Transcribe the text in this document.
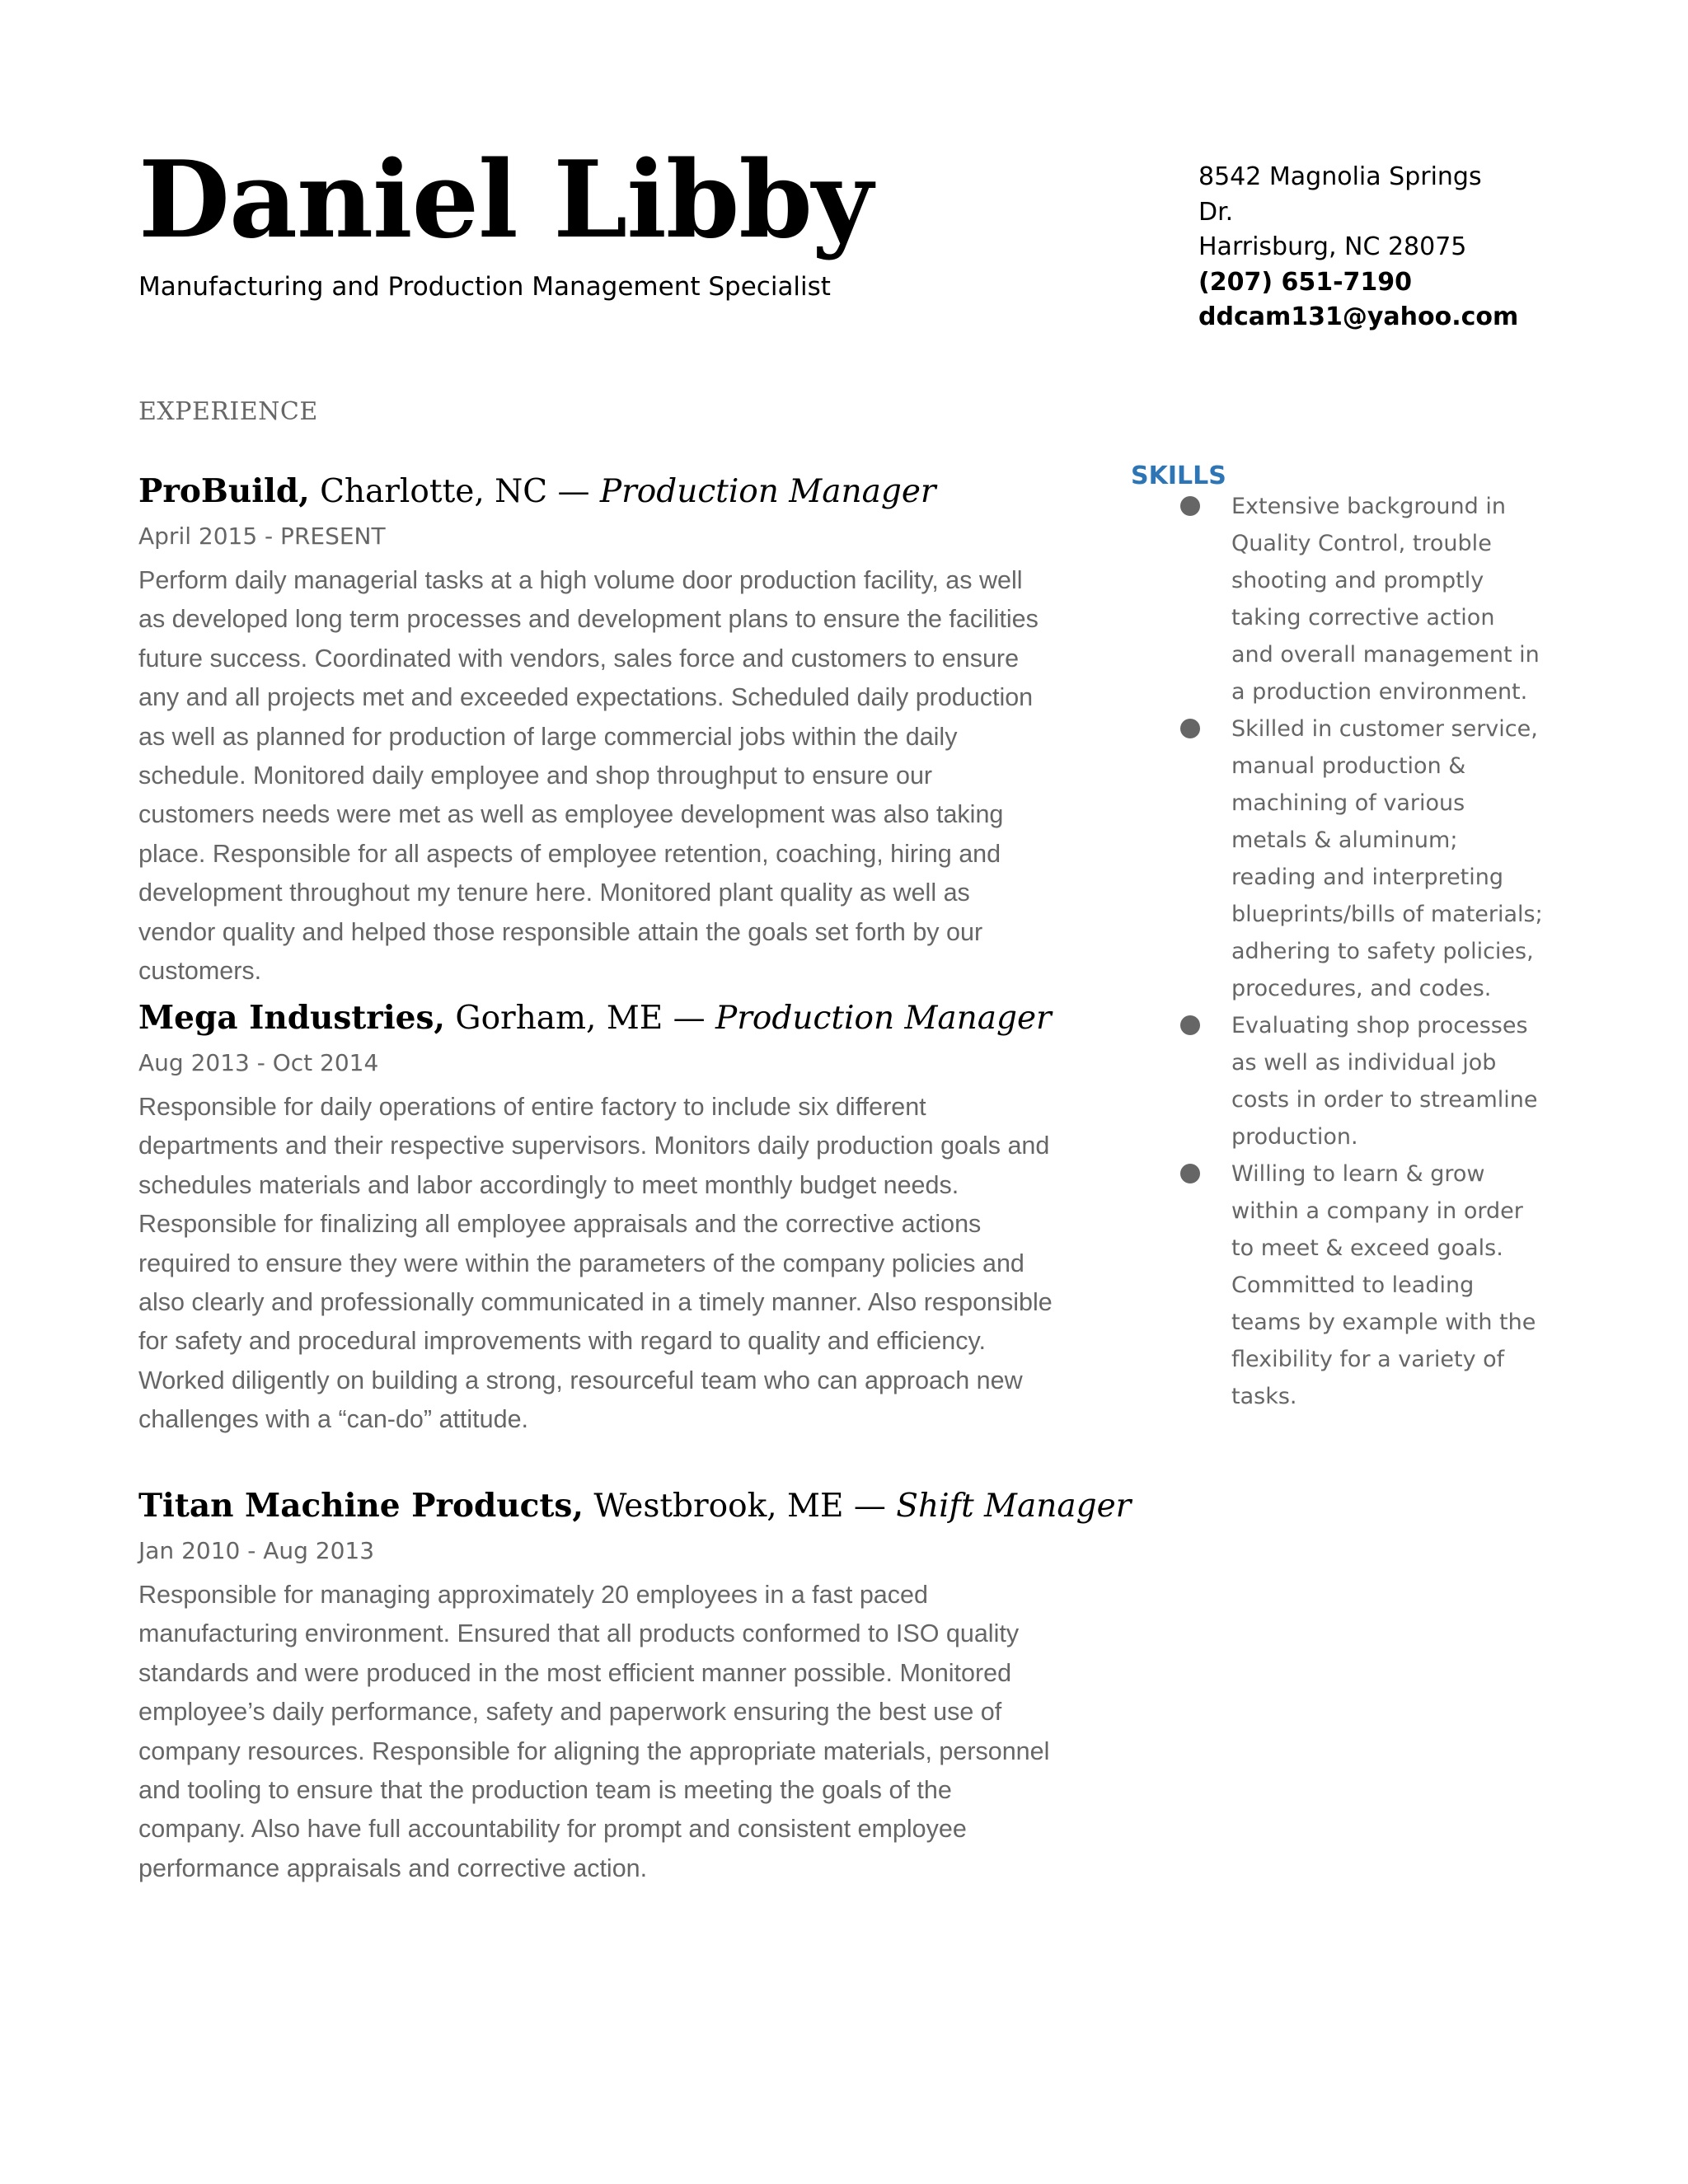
Daniel Libby
Manufacturing and Production Management Specialist
8542 Magnolia Springs
Dr.
Harrisburg, NC 28075
(207) 651-7190
ddcam131@yahoo.com
EXPERIENCE
ProBuild, Charlotte, NC — Production Manager
April 2015 - PRESENT
Perform daily managerial tasks at a high volume door production facility, as well as developed long term processes and development plans to ensure the facilities future success. Coordinated with vendors, sales force and customers to ensure any and all projects met and exceeded expectations. Scheduled daily production as well as planned for production of large commercial jobs within the daily schedule. Monitored daily employee and shop throughput to ensure our customers needs were met as well as employee development was also taking place. Responsible for all aspects of employee retention, coaching, hiring and development throughout my tenure here. Monitored plant quality as well as vendor quality and helped those responsible attain the goals set forth by our customers.
Mega Industries, Gorham, ME — Production Manager
Aug 2013 - Oct 2014
Responsible for daily operations of entire factory to include six different departments and their respective supervisors. Monitors daily production goals and schedules materials and labor accordingly to meet monthly budget needs. Responsible for finalizing all employee appraisals and the corrective actions required to ensure they were within the parameters of the company policies and also clearly and professionally communicated in a timely manner. Also responsible for safety and procedural improvements with regard to quality and efficiency. Worked diligently on building a strong, resourceful team who can approach new challenges with a “can-do” attitude.
Titan Machine Products, Westbrook, ME — Shift Manager
Jan 2010 - Aug 2013
Responsible for managing approximately 20 employees in a fast paced manufacturing environment. Ensured that all products conformed to ISO quality standards and were produced in the most efficient manner possible. Monitored employee’s daily performance, safety and paperwork ensuring the best use of company resources. Responsible for aligning the appropriate materials, personnel and tooling to ensure that the production team is meeting the goals of the company. Also have full accountability for prompt and consistent employee performance appraisals and corrective action.
SKILLS
Extensive background in Quality Control, trouble shooting and promptly taking corrective action and overall management in a production environment.
Skilled in customer service, manual production & machining of various metals & aluminum; reading and interpreting blueprints/bills of materials; adhering to safety policies, procedures, and codes.
Evaluating shop processes as well as individual job costs in order to streamline production.
Willing to learn & grow within a company in order to meet & exceed goals. Committed to leading teams by example with the flexibility for a variety of tasks.
